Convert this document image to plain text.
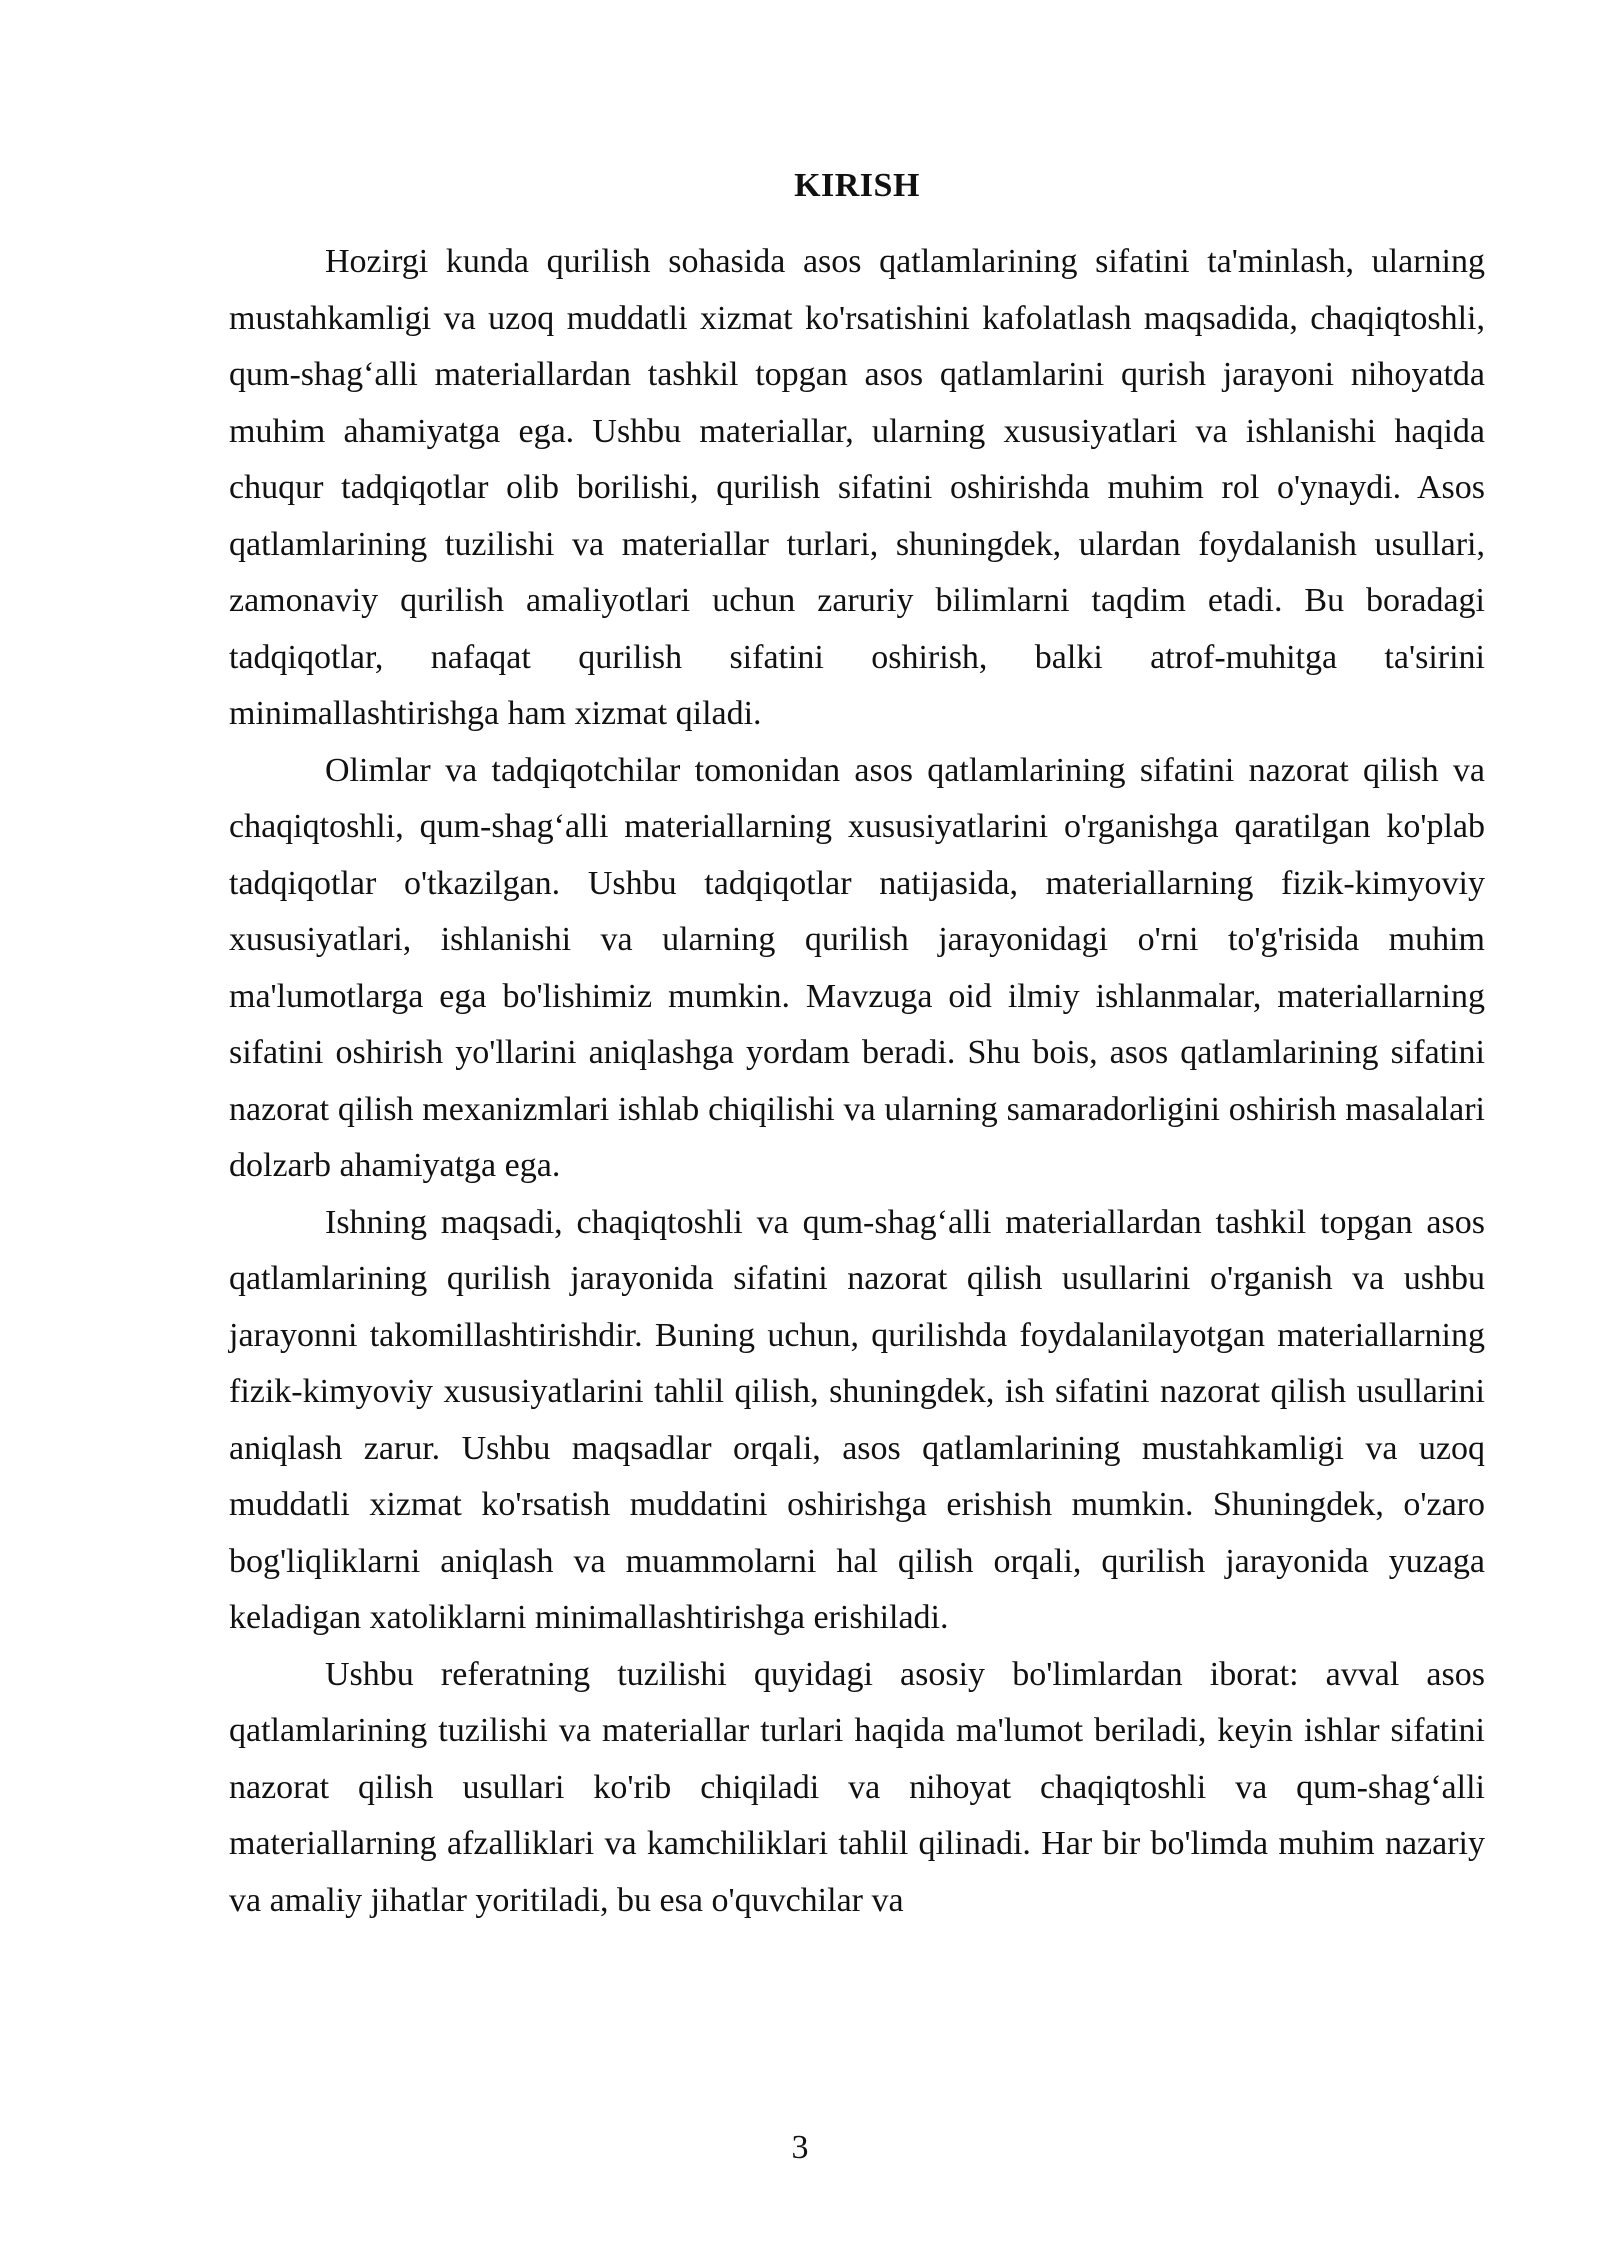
KIRISH

Hozirgi kunda qurilish sohasida asos qatlamlarining sifatini ta'minlash, ularning mustahkamligi va uzoq muddatli xizmat ko'rsatishini kafolatlash maqsadida, chaqiqtoshli, qum-shag‘alli materiallardan tashkil topgan asos qatlamlarini qurish jarayoni nihoyatda muhim ahamiyatga ega. Ushbu materiallar, ularning xususiyatlari va ishlanishi haqida chuqur tadqiqotlar olib borilishi, qurilish sifatini oshirishda muhim rol o'ynaydi. Asos qatlamlarining tuzilishi va materiallar turlari, shuningdek, ulardan foydalanish usullari, zamonaviy qurilish amaliyotlari uchun zaruriy bilimlarni taqdim etadi. Bu boradagi tadqiqotlar, nafaqat qurilish sifatini oshirish, balki atrof-muhitga ta'sirini minimallashtirishga ham xizmat qiladi.

Olimlar va tadqiqotchilar tomonidan asos qatlamlarining sifatini nazorat qilish va chaqiqtoshli, qum-shag‘alli materiallarning xususiyatlarini o'rganishga qaratilgan ko'plab tadqiqotlar o'tkazilgan. Ushbu tadqiqotlar natijasida, materiallarning fizik-kimyoviy xususiyatlari, ishlanishi va ularning qurilish jarayonidagi o'rni to'g'risida muhim ma'lumotlarga ega bo'lishimiz mumkin. Mavzuga oid ilmiy ishlanmalar, materiallarning sifatini oshirish yo'llarini aniqlashga yordam beradi. Shu bois, asos qatlamlarining sifatini nazorat qilish mexanizmlari ishlab chiqilishi va ularning samaradorligini oshirish masalalari dolzarb ahamiyatga ega.

Ishning maqsadi, chaqiqtoshli va qum-shag‘alli materiallardan tashkil topgan asos qatlamlarining qurilish jarayonida sifatini nazorat qilish usullarini o'rganish va ushbu jarayonni takomillashtirishdir. Buning uchun, qurilishda foydalanilayotgan materiallarning fizik-kimyoviy xususiyatlarini tahlil qilish, shuningdek, ish sifatini nazorat qilish usullarini aniqlash zarur. Ushbu maqsadlar orqali, asos qatlamlarining mustahkamligi va uzoq muddatli xizmat ko'rsatish muddatini oshirishga erishish mumkin. Shuningdek, o'zaro bog'liqliklarni aniqlash va muammolarni hal qilish orqali, qurilish jarayonida yuzaga keladigan xatoliklarni minimallashtirishga erishiladi.

Ushbu referatning tuzilishi quyidagi asosiy bo'limlardan iborat: avval asos qatlamlarining tuzilishi va materiallar turlari haqida ma'lumot beriladi, keyin ishlar sifatini nazorat qilish usullari ko'rib chiqiladi va nihoyat chaqiqtoshli va qum-shag‘alli materiallarning afzalliklari va kamchiliklari tahlil qilinadi. Har bir bo'limda muhim nazariy va amaliy jihatlar yoritiladi, bu esa o'quvchilar va

3
